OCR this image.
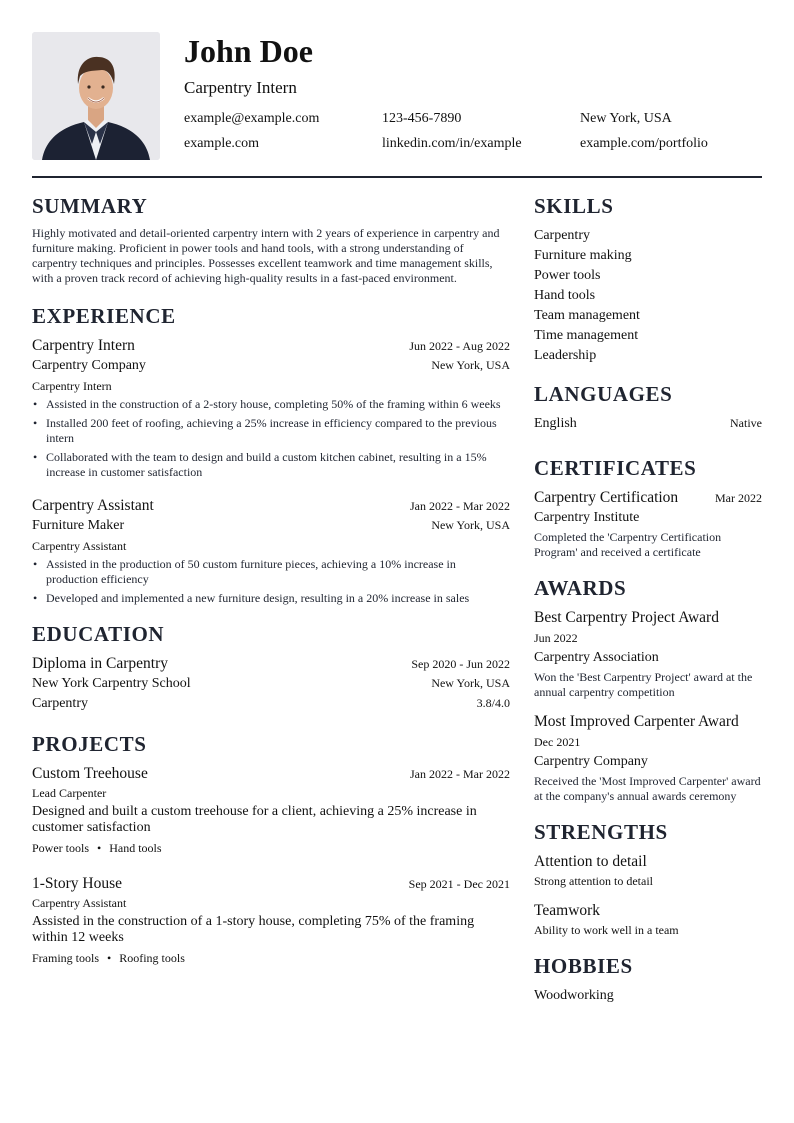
John Doe
Carpentry Intern
example@example.com	123-456-7890	New York, USA
example.com	linkedin.com/in/example	example.com/portfolio
SUMMARY

Highly motivated and detail-oriented carpentry intern with 2 years of experience in carpentry and furniture making. Proficient in power tools and hand tools, with a strong understanding of carpentry techniques and principles. Possesses excellent teamwork and time management skills, with a proven track record of achieving high-quality results in a fast-paced environment.

EXPERIENCE
Carpentry Intern	Jun 2022 - Aug 2022
Carpentry Company	New York, USA
Carpentry Intern
• Assisted in the construction of a 2-story house, completing 50% of the framing within 6 weeks
• Installed 200 feet of roofing, achieving a 25% increase in efficiency compared to the previous intern
• Collaborated with the team to design and build a custom kitchen cabinet, resulting in a 15% increase in customer satisfaction
Carpentry Assistant	Jan 2022 - Mar 2022
Furniture Maker	New York, USA
Carpentry Assistant
• Assisted in the production of 50 custom furniture pieces, achieving a 10% increase in production efficiency
• Developed and implemented a new furniture design, resulting in a 20% increase in sales
EDUCATION
Diploma in Carpentry	Sep 2020 - Jun 2022
New York Carpentry School	New York, USA
Carpentry	3.8/4.0
PROJECTS
Custom Treehouse	Jan 2022 - Mar 2022
Lead Carpenter
Designed and built a custom treehouse for a client, achieving a 25% increase in customer satisfaction
Power tools • Hand tools
1-Story House	Sep 2021 - Dec 2021
Carpentry Assistant
Assisted in the construction of a 1-story house, completing 75% of the framing within 12 weeks
Framing tools • Roofing tools
SKILLS
Carpentry
Furniture making
Power tools
Hand tools
Team management
Time management
Leadership
LANGUAGES
English	Native
CERTIFICATES
Carpentry Certification	Mar 2022
Carpentry Institute
Completed the 'Carpentry Certification Program' and received a certificate
AWARDS
Best Carpentry Project Award
Jun 2022
Carpentry Association
Won the 'Best Carpentry Project' award at the annual carpentry competition
Most Improved Carpenter Award
Dec 2021
Carpentry Company
Received the 'Most Improved Carpenter' award at the company's annual awards ceremony
STRENGTHS
Attention to detail
Strong attention to detail
Teamwork
Ability to work well in a team
HOBBIES
Woodworking
